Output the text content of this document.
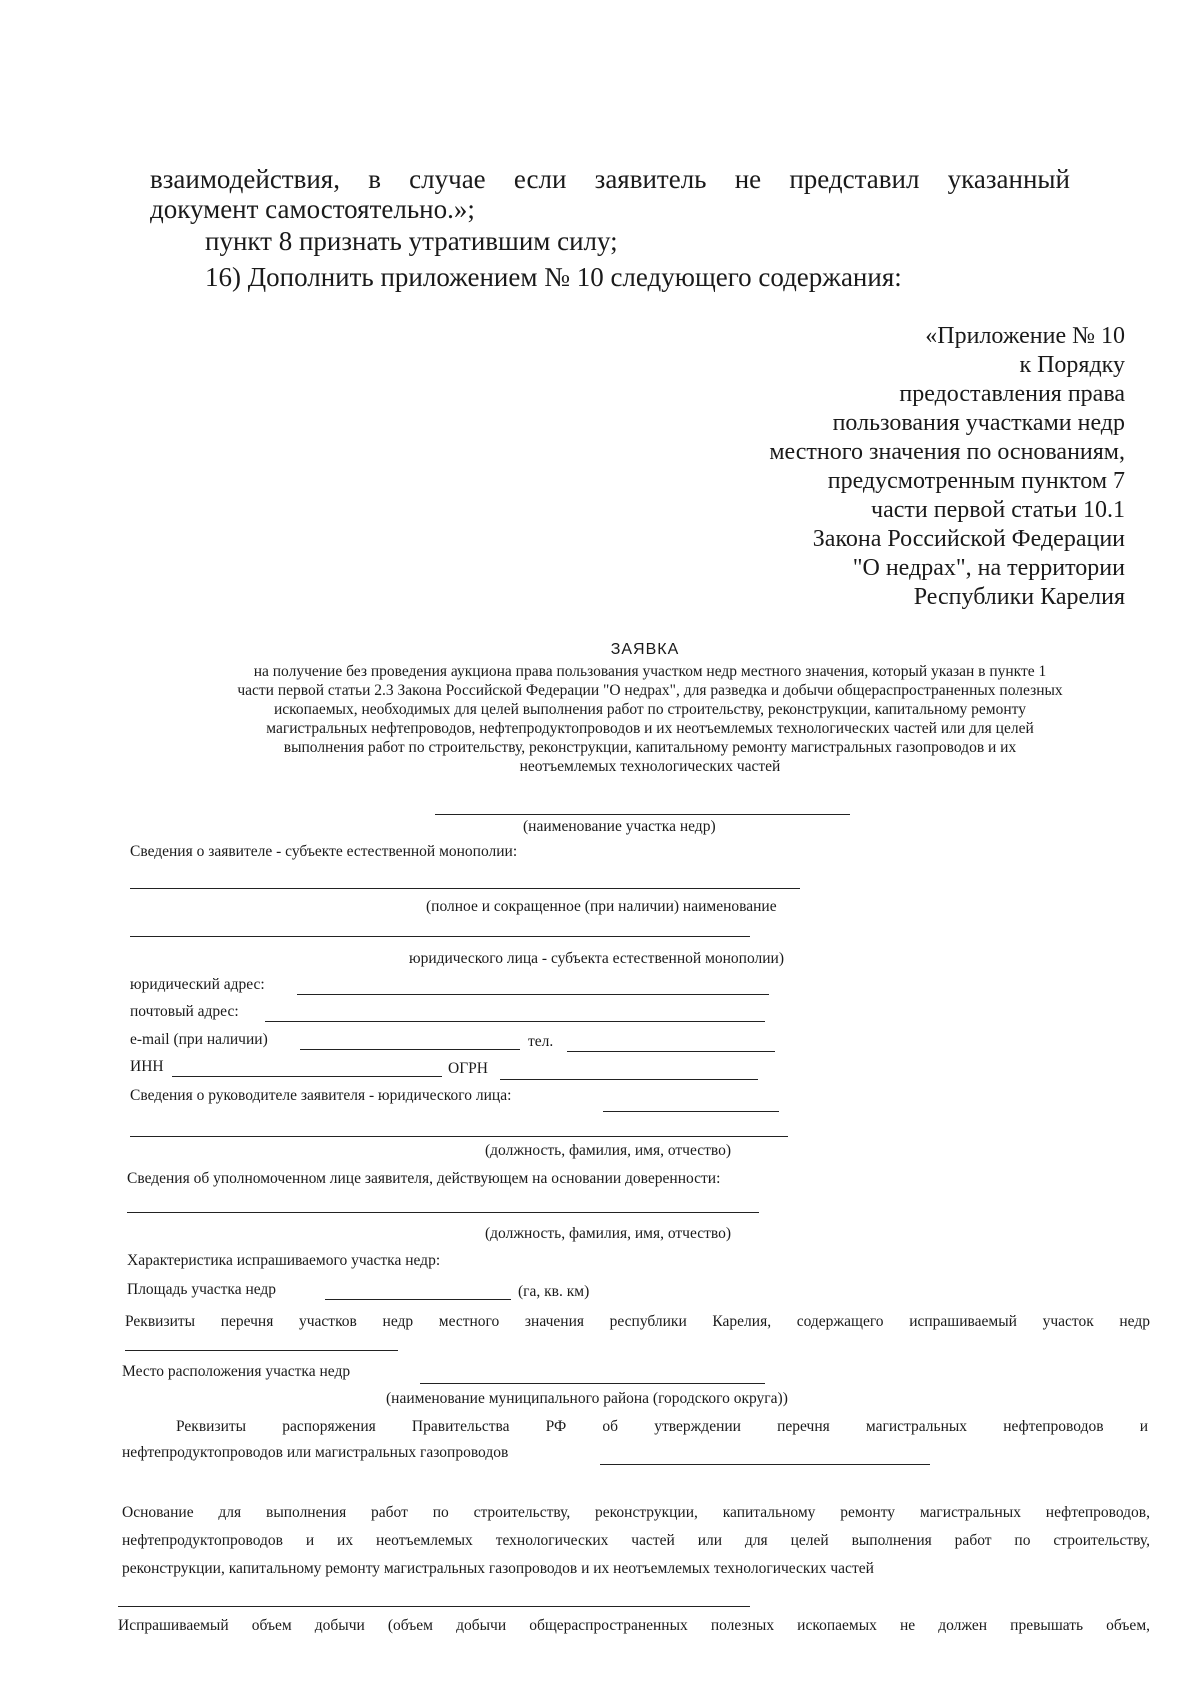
взаимодействия, в случае если заявитель не представил указанный
документ самостоятельно.»;
пункт 8 признать утратившим силу;
16) Дополнить приложением № 10 следующего содержания:
«Приложение № 10
к Порядку
предоставления права
пользования участками недр
местного значения по основаниям,
предусмотренным пунктом 7
части первой статьи 10.1
Закона Российской Федерации
"О недрах", на территории
Республики Карелия
ЗАЯВКА
на получение без проведения аукциона права пользования участком недр местного значения, который указан в пункте 1
части первой статьи 2.3 Закона Российской Федерации "О недрах", для разведка и добычи общераспространенных полезных
ископаемых, необходимых для целей выполнения работ по строительству, реконструкции, капитальному ремонту
магистральных нефтепроводов, нефтепродуктопроводов и их неотъемлемых технологических частей или для целей
выполнения работ по строительству, реконструкции, капитальному ремонту магистральных газопроводов и их
неотъемлемых технологических частей
(наименование участка недр)
Сведения о заявителе - субъекте естественной монополии:
(полное и сокращенное (при наличии) наименование
юридического лица - субъекта естественной монополии)
юридический адрес:
почтовый адрес:
e-mail (при наличии)	тел.
ИНН	ОГРН
Сведения о руководителе заявителя - юридического лица:
(должность, фамилия, имя, отчество)
Сведения об уполномоченном лице заявителя, действующем на основании доверенности:
(должность, фамилия, имя, отчество)
Характеристика испрашиваемого участка недр:
Площадь участка недр	(га, кв. км)
Реквизиты перечня участков недр местного значения республики Карелия, содержащего испрашиваемый участок недр
Место расположения участка недр
(наименование муниципального района (городского округа))
Реквизиты распоряжения Правительства РФ об утверждении перечня магистральных нефтепроводов и
нефтепродуктопроводов или магистральных газопроводов
Основание для выполнения работ по строительству, реконструкции, капитальному ремонту магистральных нефтепроводов,
нефтепродуктопроводов и их неотъемлемых технологических частей или для целей выполнения работ по строительству,
реконструкции, капитальному ремонту магистральных газопроводов и их неотъемлемых технологических частей
Испрашиваемый объем добычи (объем добычи общераспространенных полезных ископаемых не должен превышать объем,
